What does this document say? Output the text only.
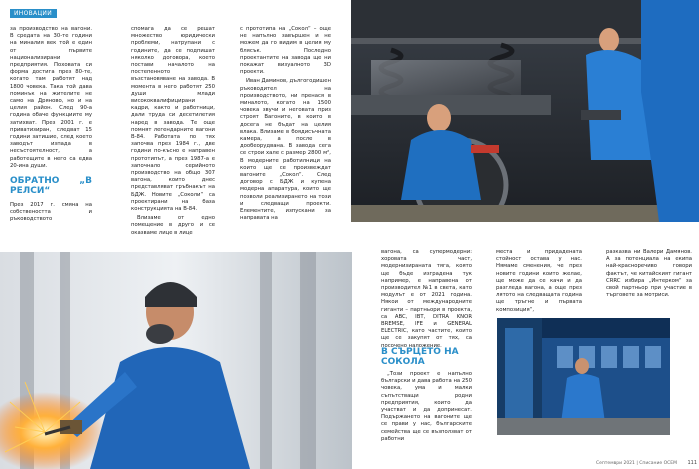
ИНОВАЦИИ

за производство на вагони. В средата на 30-те години на миналия век той е един от първите национализирани предприятия. Поховата си форма достига през 80-те, когато там работят над 1800 човека. Така той дава поминък на жителите не само на Дряново, но и на целия район. След 90-а година обаче функциите му затихват. През 2001 г. е приватизиран, следват 15 години затишие, след което заводът изпада в несъстоятелност, а работещите в него са едва 20-ина души.

ОБРАТНО „В РЕЛСИ“

През 2017 г. смяна на собствеността и ръководството

спомага да се решат множество юридически проблеми, натрупани с годините, да се подпишат няколко договора, което постави началото на постепенното възстановяване на завода. В момента в него работят 250 души млади висококвалифицирани кадри, както и работници, дали труда си десетилетия наред в завода. Те още помнят легендарните вагони В-84. Работата по тях започва през 1984 г., две години по-късно е направен прототипът, а през 1987-а е започнало серийното производство на общо 307 вагона, които днес представляват гръбнакът на БДЖ. Новите „Соколи“ са проектирани на база конструкцията на В-84.

Влизаме от едно помещение в друго и се оказваме лице в лице

с прототипа на „Сокол“ – още не напълно завършен и не можем да го видим в целия му блясък. Последно проектантите на завода ще ни покажат визуалното 3D проекти.

Иван Даминов, дългогодишен ръководител на производството, ни пренася в миналото, когато на 1500 човека звучи и неговата приз строят Вагоните, в които в досега не бъдат на целия влака. Влизаме в боядисъчната камера, а после в дообеорудвана. В завода сега се строи хале с размер 2800 м², В модерните работилници на които ще се произвеждат вагоните „Сокол“. След договор с БДЖ и купена модерна апаратура, които ще позволи реализирането на този и следващи проекти. Елементите, изпускани за направата на

вагона, са супермодерни: хоровата част, модернизираната тяга, която ще бъде изградена тук например, е направена от производител №1 в света, като модулът е от 2021 година. Някои от международните гиганти – партньори в проекта, са ABC, IBT, DITRA KNOR BREMSE, IFE и GENERAL ELECTRIC, като частите, които ще се закупят от тях, са посочено наложение.

В СЪРЦЕТО НА СОКОЛА

„Този проект е напълно български и дава работа на 250 човека, ума и малки съпътстващи родни предприятия, които да участват и да допринесат. Подържането на вагоните ще се прави у нас, българските семейства ще се възползват от работни

места и придадената стойност остава у нас. Нямаме сменения, че през новите години които желае, ще може да се качи и да разгледа вагона, а още през лятото на следващата година ще тръгне и първата композиция“,

разказва ни Валери Дамянов. А за потенциала на екипа най-красноречиво говори фактът, че китайският гигант CRRC избира „Интерком“ за свой партньор при участие в търговете за мотриси.

Септември 2021 | Списание ОСЕМ 111
